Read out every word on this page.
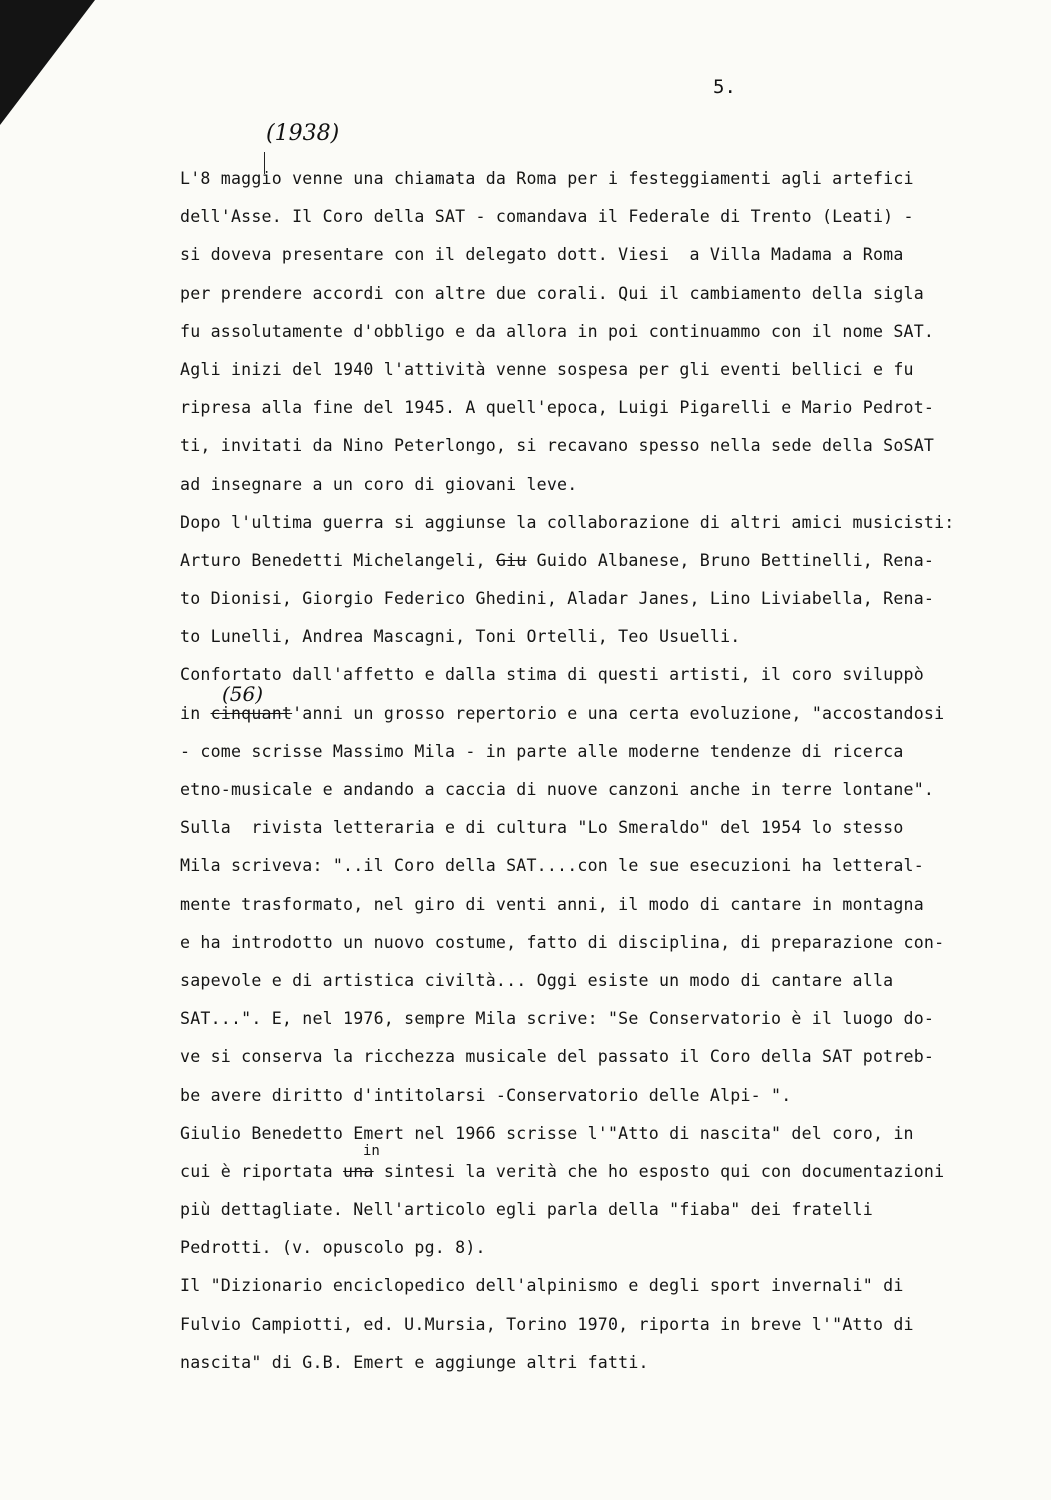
5.
(1938)
(56)
in
L'8 maggio venne una chiamata da Roma per i festeggiamenti agli artefici
dell'Asse. Il Coro della SAT - comandava il Federale di Trento (Leati) -
si doveva presentare con il delegato dott. Viesi  a Villa Madama a Roma
per prendere accordi con altre due corali. Qui il cambiamento della sigla
fu assolutamente d'obbligo e da allora in poi continuammo con il nome SAT.
Agli inizi del 1940 l'attività venne sospesa per gli eventi bellici e fu
ripresa alla fine del 1945. A quell'epoca, Luigi Pigarelli e Mario Pedrot-
ti, invitati da Nino Peterlongo, si recavano spesso nella sede della SoSAT
ad insegnare a un coro di giovani leve.
Dopo l'ultima guerra si aggiunse la collaborazione di altri amici musicisti:
Arturo Benedetti Michelangeli, Giu Guido Albanese, Bruno Bettinelli, Rena-
to Dionisi, Giorgio Federico Ghedini, Aladar Janes, Lino Liviabella, Rena-
to Lunelli, Andrea Mascagni, Toni Ortelli, Teo Usuelli.
Confortato dall'affetto e dalla stima di questi artisti, il coro sviluppò
in cinquant'anni un grosso repertorio e una certa evoluzione, "accostandosi
- come scrisse Massimo Mila - in parte alle moderne tendenze di ricerca
etno-musicale e andando a caccia di nuove canzoni anche in terre lontane".
Sulla  rivista letteraria e di cultura "Lo Smeraldo" del 1954 lo stesso
Mila scriveva: "..il Coro della SAT....con le sue esecuzioni ha letteral-
mente trasformato, nel giro di venti anni, il modo di cantare in montagna
e ha introdotto un nuovo costume, fatto di disciplina, di preparazione con-
sapevole e di artistica civiltà... Oggi esiste un modo di cantare alla
SAT...". E, nel 1976, sempre Mila scrive: "Se Conservatorio è il luogo do-
ve si conserva la ricchezza musicale del passato il Coro della SAT potreb-
be avere diritto d'intitolarsi -Conservatorio delle Alpi- ".
Giulio Benedetto Emert nel 1966 scrisse l'"Atto di nascita" del coro, in
cui è riportata una sintesi la verità che ho esposto qui con documentazioni
più dettagliate. Nell'articolo egli parla della "fiaba" dei fratelli
Pedrotti. (v. opuscolo pg. 8).
Il "Dizionario enciclopedico dell'alpinismo e degli sport invernali" di
Fulvio Campiotti, ed. U.Mursia, Torino 1970, riporta in breve l'"Atto di
nascita" di G.B. Emert e aggiunge altri fatti.
